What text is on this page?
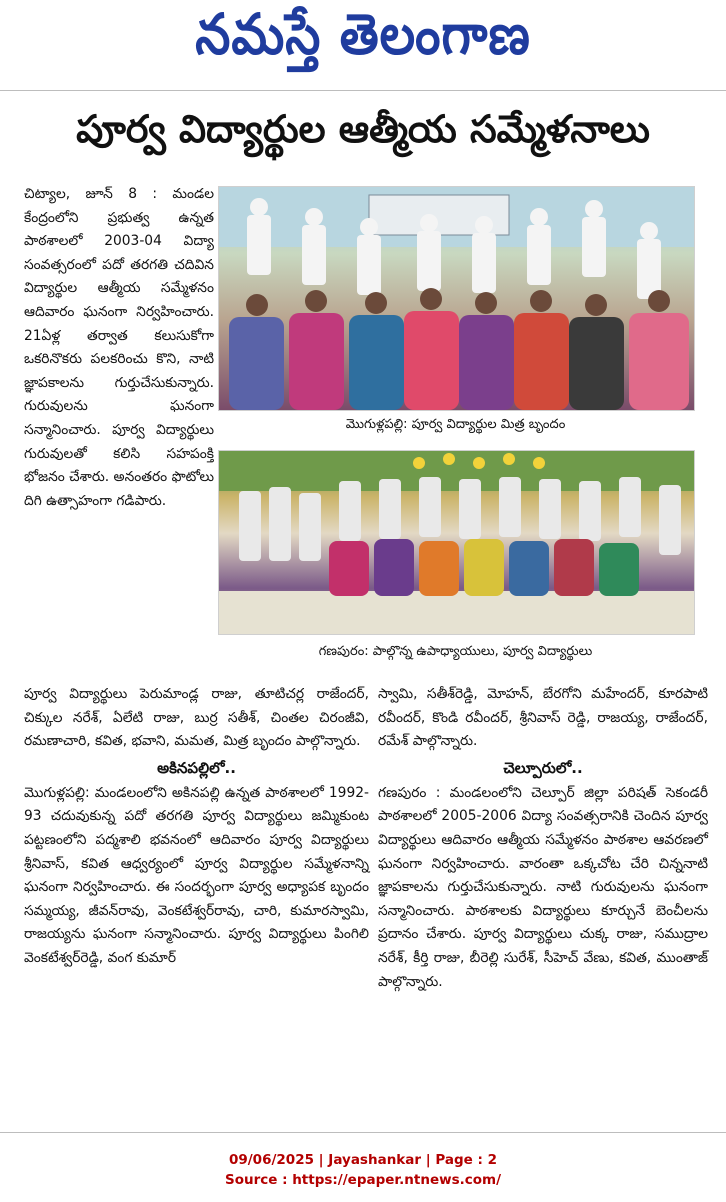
నమస్తే తెలంగాణ
పూర్వ విద్యార్థుల ఆత్మీయ సమ్మేళనాలు

చిట్యాల, జూన్ 8 : మండల కేంద్రంలోని ప్రభుత్వ ఉన్నత పాఠశాలలో 2003-04 విద్యా సంవత్సరంలో పదో తరగతి చదివిన విద్యార్థుల ఆత్మీయ సమ్మేళనం ఆదివారం ఘనంగా నిర్వహించారు. 21ఏళ్ల తర్వాత కలుసుకోగా ఒకరినొకరు పలకరించు కొని, నాటి జ్ఞాపకాలను గుర్తుచేసుకున్నారు. గురువులను ఘనంగా సన్మానించారు. పూర్వ విద్యార్థులు గురువులతో కలిసి సహపంక్తి భోజనం చేశారు. అనంతరం ఫొటోలు దిగి ఉత్సాహంగా గడిపారు.

మొగుళ్లపల్లి: పూర్వ విద్యార్థుల మిత్ర బృందం
గణపురం: పాల్గొన్న ఉపాధ్యాయులు, పూర్వ విద్యార్థులు

పూర్వ విద్యార్థులు పెరుమాండ్ల రాజు, తూటిచర్ల రాజేందర్, చిక్కుల నరేశ్, ఏలేటి రాజు, బుర్ర సతీశ్, చింతల చిరంజీవి, రమణాచారి, కవిత, భవాని, మమత, మిత్ర బృందం పాల్గొన్నారు.

అకినపల్లిలో..

మొగుళ్లపల్లి: మండలంలోని అకినపల్లి ఉన్నత పాఠశాలలో 1992-93 చదువుకున్న పదో తరగతి పూర్వ విద్యార్థులు జమ్మికుంట పట్టణంలోని పద్మశాలి భవనంలో ఆదివారం పూర్వ విద్యార్థులు శ్రీనివాస్, కవిత ఆధ్వర్యంలో పూర్వ విద్యార్థుల సమ్మేళనాన్ని ఘనంగా నిర్వహించారు. ఈ సందర్భంగా పూర్వ అధ్యాపక బృందం సమ్మయ్య, జీవన్‌రావు, వెంకటేశ్వర్‌రావు, చారి, కుమారస్వామి, రాజయ్యను ఘనంగా సన్మానించారు. పూర్వ విద్యార్థులు పింగిలి వెంకటేశ్వర్‌రెడ్డి, వంగ కుమార్

స్వామి, సతీశ్‌రెడ్డి, మోహన్, బేరగోని మహేందర్, కూరపాటి రవీందర్, కొండి రవీందర్, శ్రీనివాస్ రెడ్డి, రాజయ్య, రాజేందర్, రమేశ్ పాల్గొన్నారు.

చెల్పూరులో..

గణపురం : మండలంలోని చెల్పూర్ జిల్లా పరిషత్ సెకండరీ పాఠశాలలో 2005-2006 విద్యా సంవత్సరానికి చెందిన పూర్వ విద్యార్థులు ఆదివారం ఆత్మీయ సమ్మేళనం పాఠశాల ఆవరణలో ఘనంగా నిర్వహించారు. వారంతా ఒక్కచోట చేరి చిన్ననాటి జ్ఞాపకాలను గుర్తుచేసుకున్నారు. నాటి గురువులను ఘనంగా సన్మానించారు. పాఠశాలకు విద్యార్థులు కూర్చునే బెంచీలను ప్రదానం చేశారు. పూర్వ విద్యార్థులు చుక్క రాజు, సముద్రాల నరేశ్, కీర్తి రాజు, బీరెల్లి సురేశ్, సీహెచ్ వేణు, కవిత, ముంతాజ్ పాల్గొన్నారు.

09/06/2025 | Jayashankar | Page : 2
Source : https://epaper.ntnews.com/
